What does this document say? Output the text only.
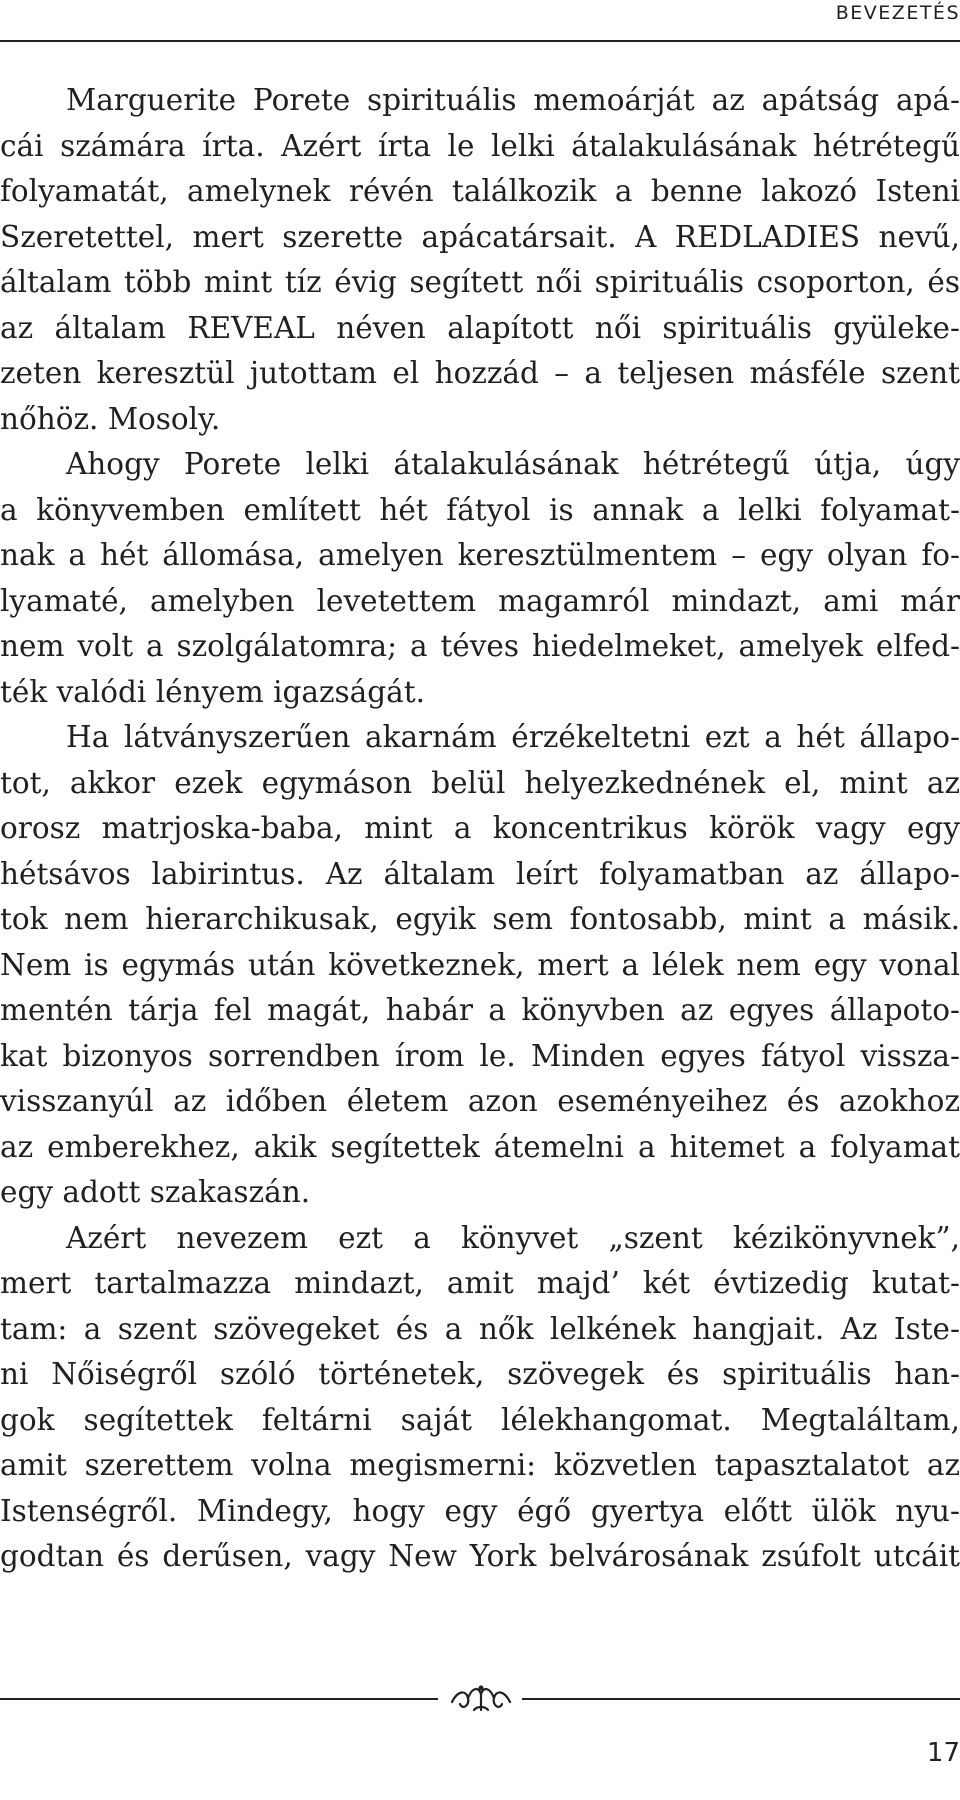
BEVEZETÉS
Marguerite Porete spirituális memoárját az apátság apá-
cái számára írta. Azért írta le lelki átalakulásának hétrétegű
folyamatát, amelynek révén találkozik a benne lakozó Isteni
Szeretettel, mert szerette apácatársait. A REDLADIES nevű,
általam több mint tíz évig segített női spirituális csoporton, és
az általam REVEAL néven alapított női spirituális gyüleke-
zeten keresztül jutottam el hozzád – a teljesen másféle szent
nőhöz. Mosoly.
Ahogy Porete lelki átalakulásának hétrétegű útja, úgy
a könyvemben említett hét fátyol is annak a lelki folyamat-
nak a hét állomása, amelyen keresztülmentem – egy olyan fo-
lyamaté, amelyben levetettem magamról mindazt, ami már
nem volt a szolgálatomra; a téves hiedelmeket, amelyek elfed-
ték valódi lényem igazságát.
Ha látványszerűen akarnám érzékeltetni ezt a hét állapo-
tot, akkor ezek egymáson belül helyezkednének el, mint az
orosz matrjoska-baba, mint a koncentrikus körök vagy egy
hétsávos labirintus. Az általam leírt folyamatban az állapo-
tok nem hierarchikusak, egyik sem fontosabb, mint a másik.
Nem is egymás után következnek, mert a lélek nem egy vonal
mentén tárja fel magát, habár a könyvben az egyes állapoto-
kat bizonyos sorrendben írom le. Minden egyes fátyol vissza-
visszanyúl az időben életem azon eseményeihez és azokhoz
az emberekhez, akik segítettek átemelni a hitemet a folyamat
egy adott szakaszán.
Azért nevezem ezt a könyvet „szent kézikönyvnek”,
mert tartalmazza mindazt, amit majd’ két évtizedig kutat-
tam: a szent szövegeket és a nők lelkének hangjait. Az Iste-
ni Nőiségről szóló történetek, szövegek és spirituális han-
gok segítettek feltárni saját lélekhangomat. Megtaláltam,
amit szerettem volna megismerni: közvetlen tapasztalatot az
Istenségről. Mindegy, hogy egy égő gyertya előtt ülök nyu-
godtan és derűsen, vagy New York belvárosának zsúfolt utcáit
17
